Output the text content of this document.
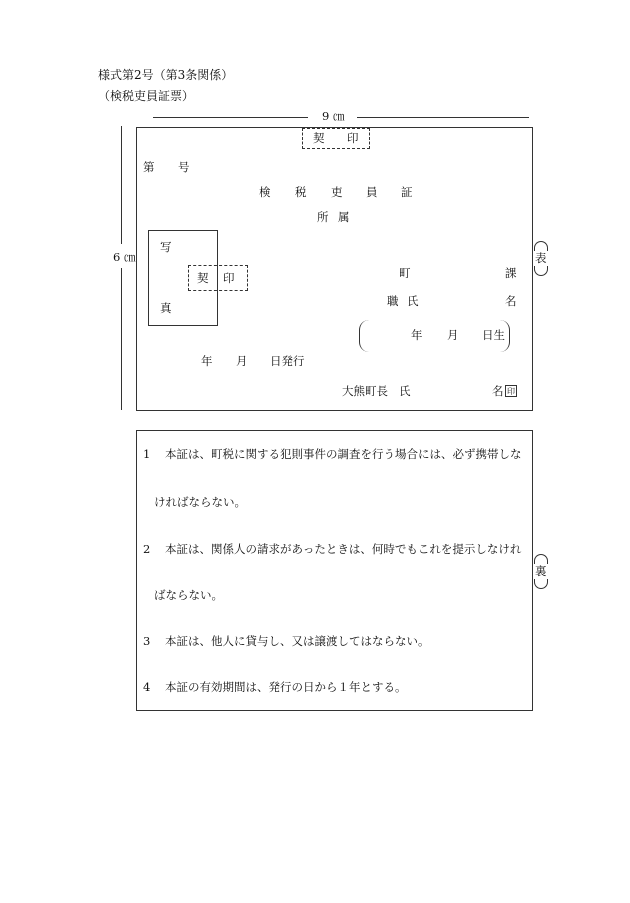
様式第2号（第3条関係）
（検税吏員証票）
9 ㎝
6 ㎝
契 印
第 号
検 税 吏 員 証
所 属
写
真
契 印	町	課
職 氏	名
年 月 日生
年 月 日発行
大熊町長 氏	名 印
表
1 本証は、町税に関する犯則事件の調査を行う場合には、必ず携帯しな
ければならない。
2 本証は、関係人の請求があったときは、何時でもこれを提示しなけれ
ばならない。
3 本証は、他人に貸与し、又は譲渡してはならない。
4 本証の有効期間は、発行の日から１年とする。
裏
